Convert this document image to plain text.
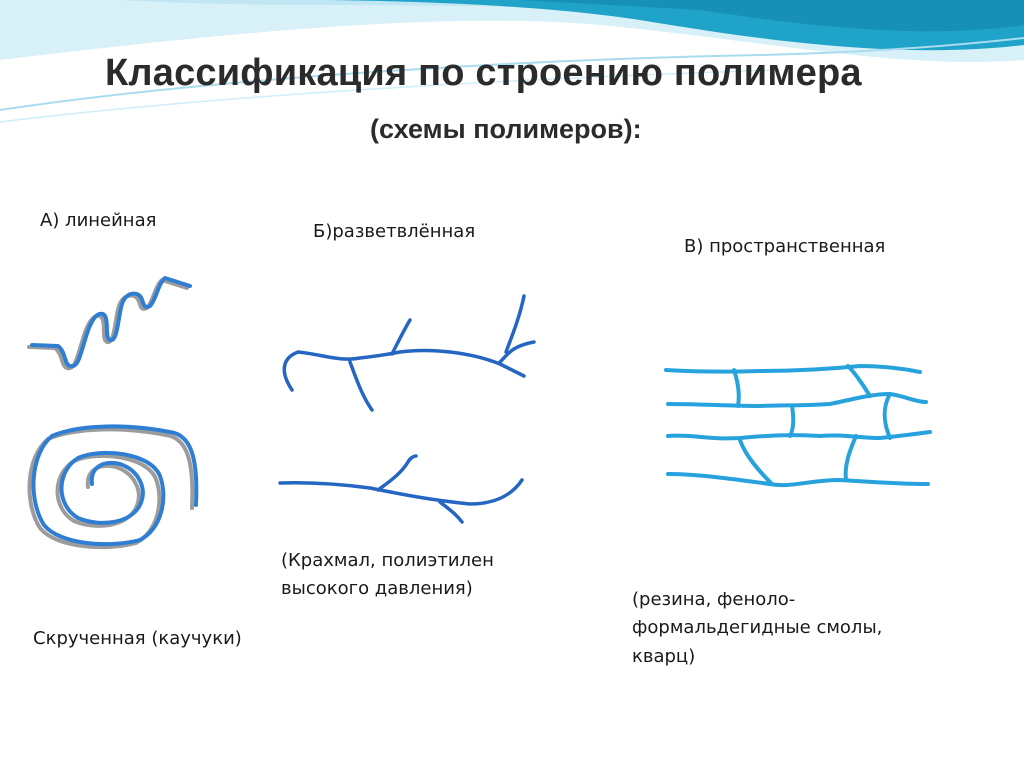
Классификация по строению полимера
(схемы полимеров):
А) линейная
Б)разветвлённая
В) пространственная
Скрученная (каучуки)
(Крахмал, полиэтилен
высокого давления)
(резина, феноло-
формальдегидные смолы,
кварц)
